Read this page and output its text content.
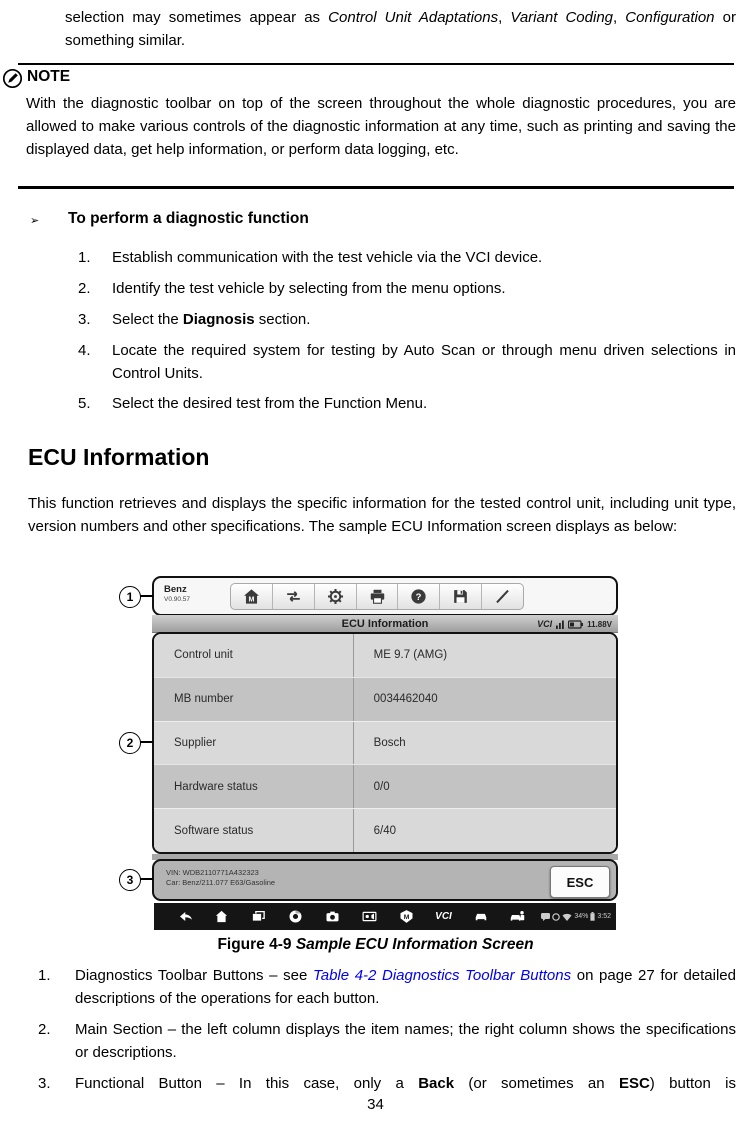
selection may sometimes appear as Control Unit Adaptations, Variant Coding, Configuration or something similar.
NOTE
With the diagnostic toolbar on top of the screen throughout the whole diagnostic procedures, you are allowed to make various controls of the diagnostic information at any time, such as printing and saving the displayed data, get help information, or perform data logging, etc.
➢ To perform a diagnostic function
1.	Establish communication with the test vehicle via the VCI device.
2.	Identify the test vehicle by selecting from the menu options.
3.	Select the Diagnosis section.
4.	Locate the required system for testing by Auto Scan or through menu driven selections in Control Units.
5.	Select the desired test from the Function Menu.
ECU Information
This function retrieves and displays the specific information for the tested control unit, including unit type, version numbers and other specifications. The sample ECU Information screen displays as below:
1
2
3
Benz
V0.90.57	M	?
ECU Information	VCI	11.88V
Control unit	ME 9.7 (AMG)
MB number	0034462040
Supplier	Bosch
Hardware status	0/0
Software status	6/40
VIN: WDB2110771A432323
Car: Benz/211.077 E63/Gasoline	ESC
M	VCI	34% 3:52
Figure 4-9 Sample ECU Information Screen
1.	Diagnostics Toolbar Buttons – see Table 4-2 Diagnostics Toolbar Buttons on page 27 for detailed descriptions of the operations for each button.
2.	Main Section – the left column displays the item names; the right column shows the specifications or descriptions.
3.	Functional Button – In this case, only a Back (or sometimes an ESC) button is
34
